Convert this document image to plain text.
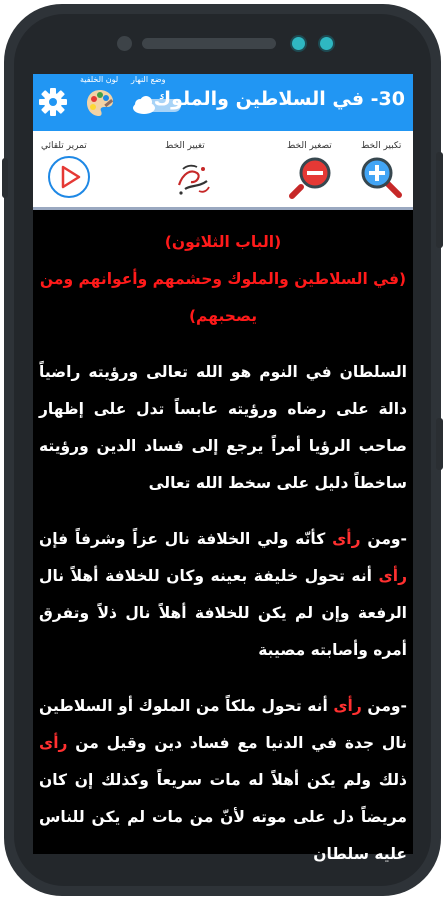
لون الخلفية وضع النهار
30- في السلاطين والملوك
تمرير تلقائي	تغيير الخط	تصغير الخط	تكبير الخط

(الباب الثلاثون)

(في السلاطين والملوك وحشمهم وأعوانهم ومن يصحبهم)

السلطان في النوم هو الله تعالى ورؤيته راضياً دالة على رضاه ورؤيته عابساً تدل على إظهار صاحب الرؤيا أمراً يرجع إلى فساد الدين ورؤيته ساخطاً دليل على سخط الله تعالى

-ومن رأى كأنّه ولي الخلافة نال عزاً وشرفاً فإن رأى أنه تحول خليفة بعينه وكان للخلافة أهلاً نال الرفعة وإن لم يكن للخلافة أهلاً نال ذلاً وتفرق أمره وأصابته مصيبة

-ومن رأى أنه تحول ملكاً من الملوك أو السلاطين نال جدة في الدنيا مع فساد دين وقيل من رأى ذلك ولم يكن أهلاً له مات سريعاً وكذلك إن كان مريضاً دل على موته لأنّ من مات لم يكن للناس عليه سلطان
